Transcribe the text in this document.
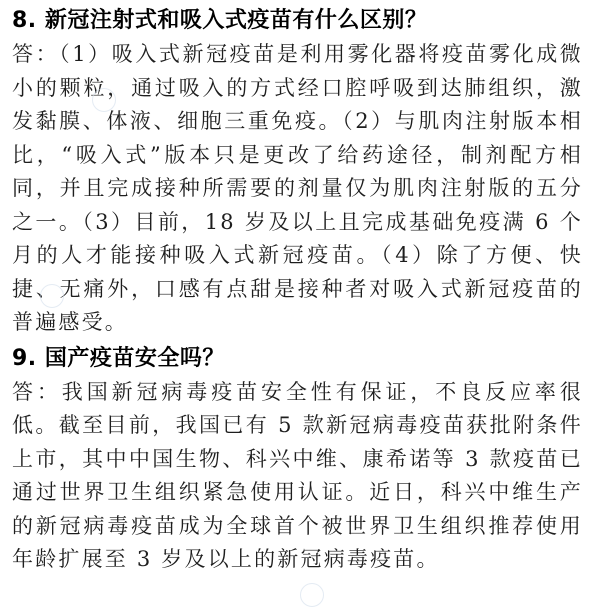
8. 新冠注射式和吸入式疫苗有什么区别？

答：（1）吸入式新冠疫苗是利用雾化器将疫苗雾化成微小的颗粒，通过吸入的方式经口腔呼吸到达肺组织，激发黏膜、体液、细胞三重免疫。（2）与肌肉注射版本相比，“吸入式”版本只是更改了给药途径，制剂配方相同，并且完成接种所需要的剂量仅为肌肉注射版的五分之一。（3）目前，18 岁及以上且完成基础免疫满 6 个月的人才能接种吸入式新冠疫苗。（4）除了方便、快捷、无痛外，口感有点甜是接种者对吸入式新冠疫苗的普遍感受。

9. 国产疫苗安全吗？

答：我国新冠病毒疫苗安全性有保证，不良反应率很低。截至目前，我国已有 5 款新冠病毒疫苗获批附条件上市，其中中国生物、科兴中维、康希诺等 3 款疫苗已通过世界卫生组织紧急使用认证。近日，科兴中维生产的新冠病毒疫苗成为全球首个被世界卫生组织推荐使用年龄扩展至 3 岁及以上的新冠病毒疫苗。
